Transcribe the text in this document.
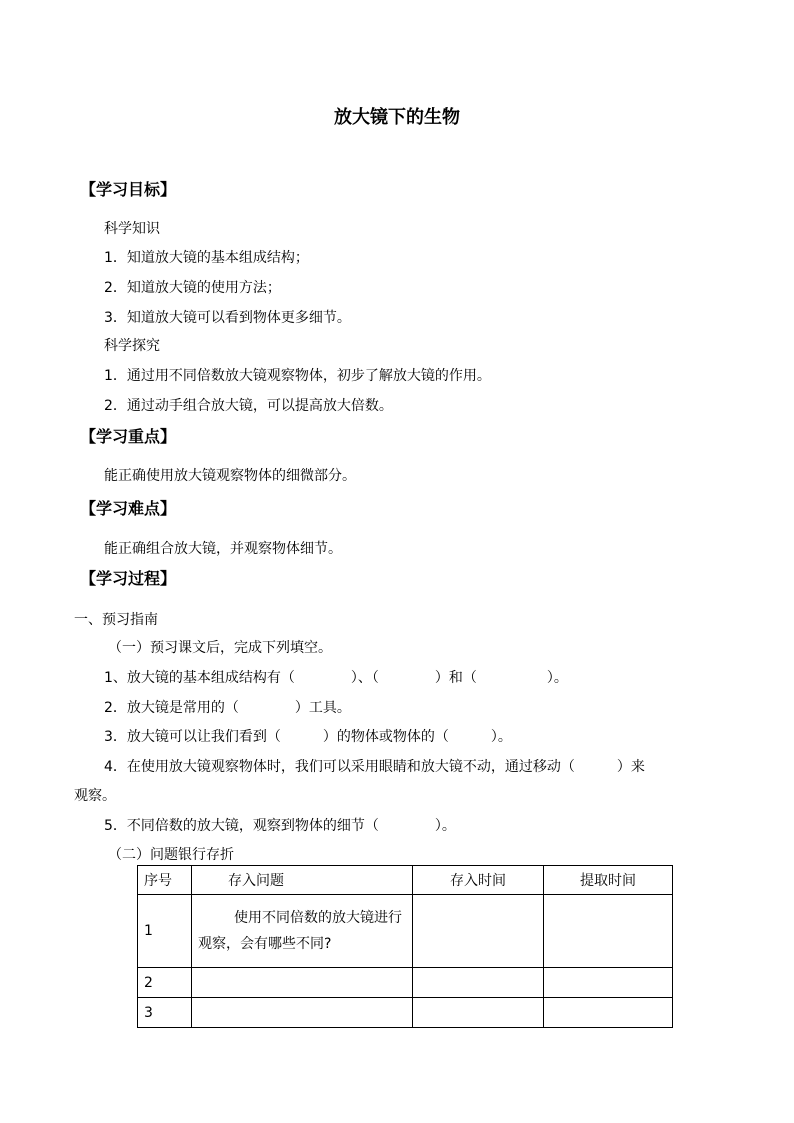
放大镜下的生物
【学习目标】
科学知识
1．知道放大镜的基本组成结构；
2．知道放大镜的使用方法；
3．知道放大镜可以看到物体更多细节。
科学探究
1．通过用不同倍数放大镜观察物体，初步了解放大镜的作用。
2．通过动手组合放大镜，可以提高放大倍数。
【学习重点】
能正确使用放大镜观察物体的细微部分。
【学习难点】
能正确组合放大镜，并观察物体细节。
【学习过程】
一、预习指南
（一）预习课文后，完成下列填空。
1、放大镜的基本组成结构有（　　　　）、（　　　　）和（　　　　　）。
2．放大镜是常用的（　　　　）工具。
3．放大镜可以让我们看到（　　　）的物体或物体的（　　　）。
4．在使用放大镜观察物体时，我们可以采用眼睛和放大镜不动，通过移动（　　　）来
观察。
5．不同倍数的放大镜，观察到物体的细节（　　　　）。
（二）问题银行存折
序号	存入问题	存入时间	提取时间
1	使用不同倍数的放大镜进行观察，会有哪些不同?		
2			
3			
